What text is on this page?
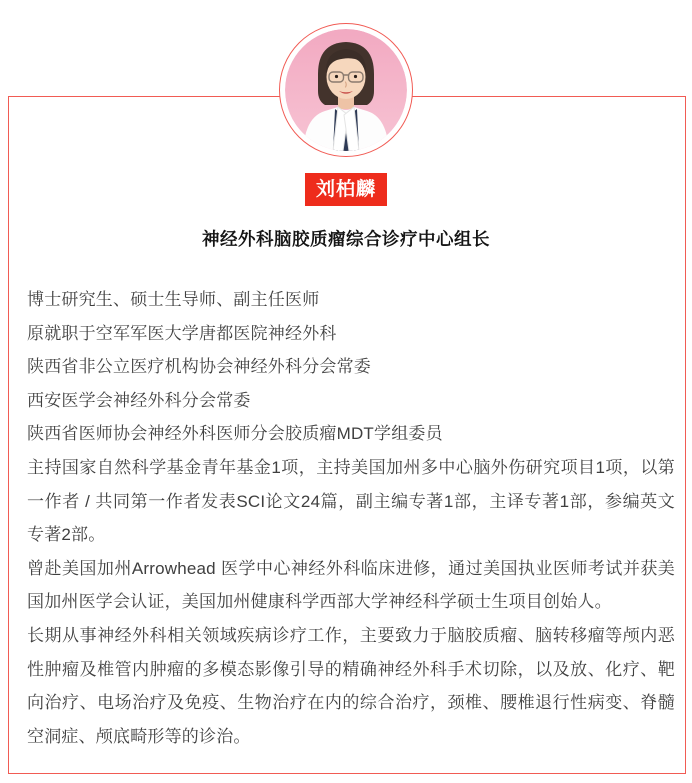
刘柏麟
神经外科脑胶质瘤综合诊疗中心组长

博士研究生、硕士生导师、副主任医师

原就职于空军军医大学唐都医院神经外科

陕西省非公立医疗机构协会神经外科分会常委

西安医学会神经外科分会常委

陕西省医师协会神经外科医师分会胶质瘤MDT学组委员

主持国家自然科学基金青年基金1项，主持美国加州多中心脑外伤研究项目1项，以第一作者 / 共同第一作者发表SCI论文24篇，副主编专著1部，主译专著1部，参编英文专著2部。

曾赴美国加州Arrowhead 医学中心神经外科临床进修，通过美国执业医师考试并获美国加州医学会认证，美国加州健康科学西部大学神经科学硕士生项目创始人。

长期从事神经外科相关领域疾病诊疗工作，主要致力于脑胶质瘤、脑转移瘤等颅内恶性肿瘤及椎管内肿瘤的多模态影像引导的精确神经外科手术切除，以及放、化疗、靶向治疗、电场治疗及免疫、生物治疗在内的综合治疗，颈椎、腰椎退行性病变、脊髓空洞症、颅底畸形等的诊治。
